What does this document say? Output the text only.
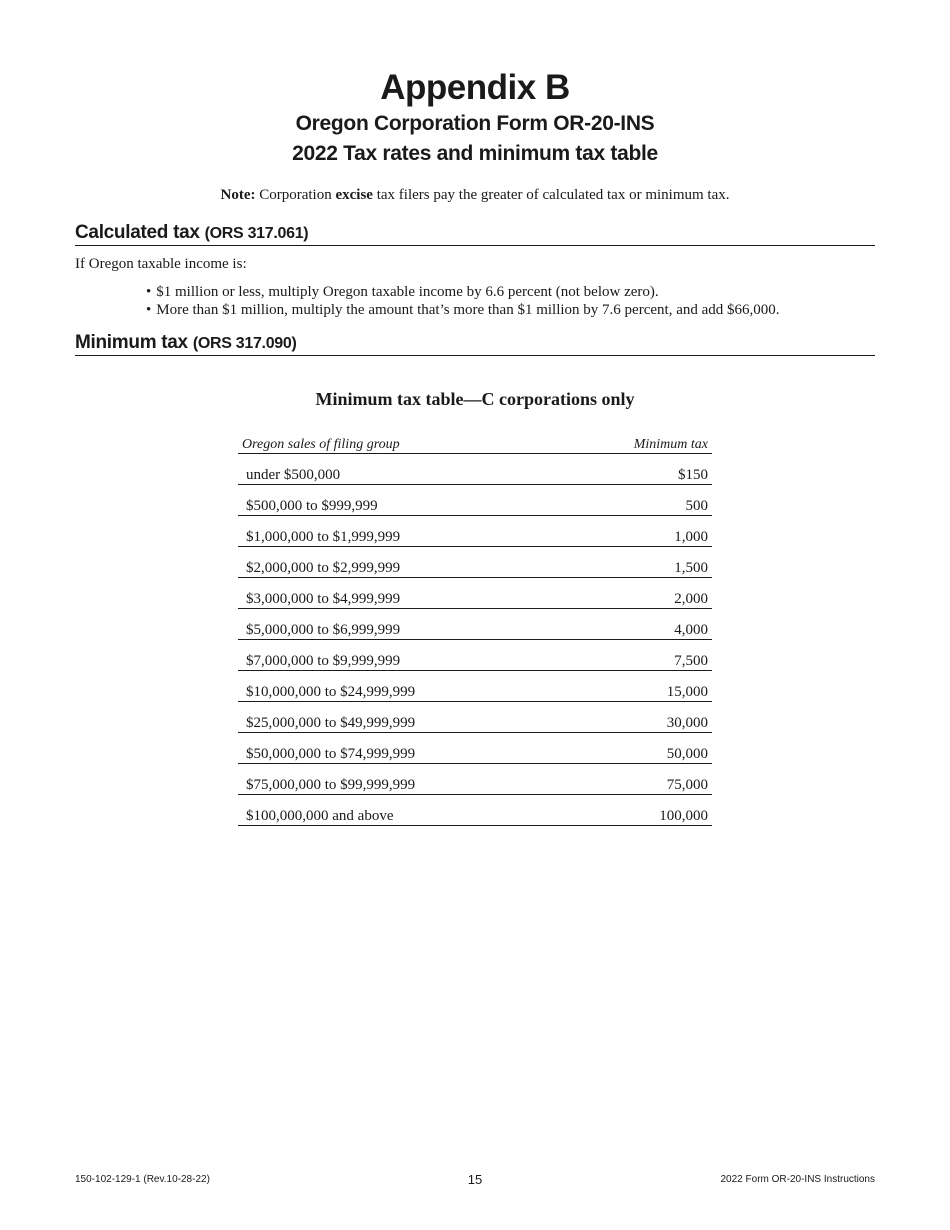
Appendix B
Oregon Corporation Form OR-20-INS
2022 Tax rates and minimum tax table
Note: Corporation excise tax filers pay the greater of calculated tax or minimum tax.
Calculated tax (ORS 317.061)
If Oregon taxable income is:
• $1 million or less, multiply Oregon taxable income by 6.6 percent (not below zero).
• More than $1 million, multiply the amount that’s more than $1 million by 7.6 percent, and add $66,000.
Minimum tax (ORS 317.090)
Minimum tax table—C corporations only
Oregon sales of filing group	Minimum tax
under $500,000	$150
$500,000 to $999,999	500
$1,000,000 to $1,999,999	1,000
$2,000,000 to $2,999,999	1,500
$3,000,000 to $4,999,999	2,000
$5,000,000 to $6,999,999	4,000
$7,000,000 to $9,999,999	7,500
$10,000,000 to $24,999,999	15,000
$25,000,000 to $49,999,999	30,000
$50,000,000 to $74,999,999	50,000
$75,000,000 to $99,999,999	75,000
$100,000,000 and above	100,000
150-102-129-1 (Rev.10-28-22)	15	2022 Form OR-20-INS Instructions
